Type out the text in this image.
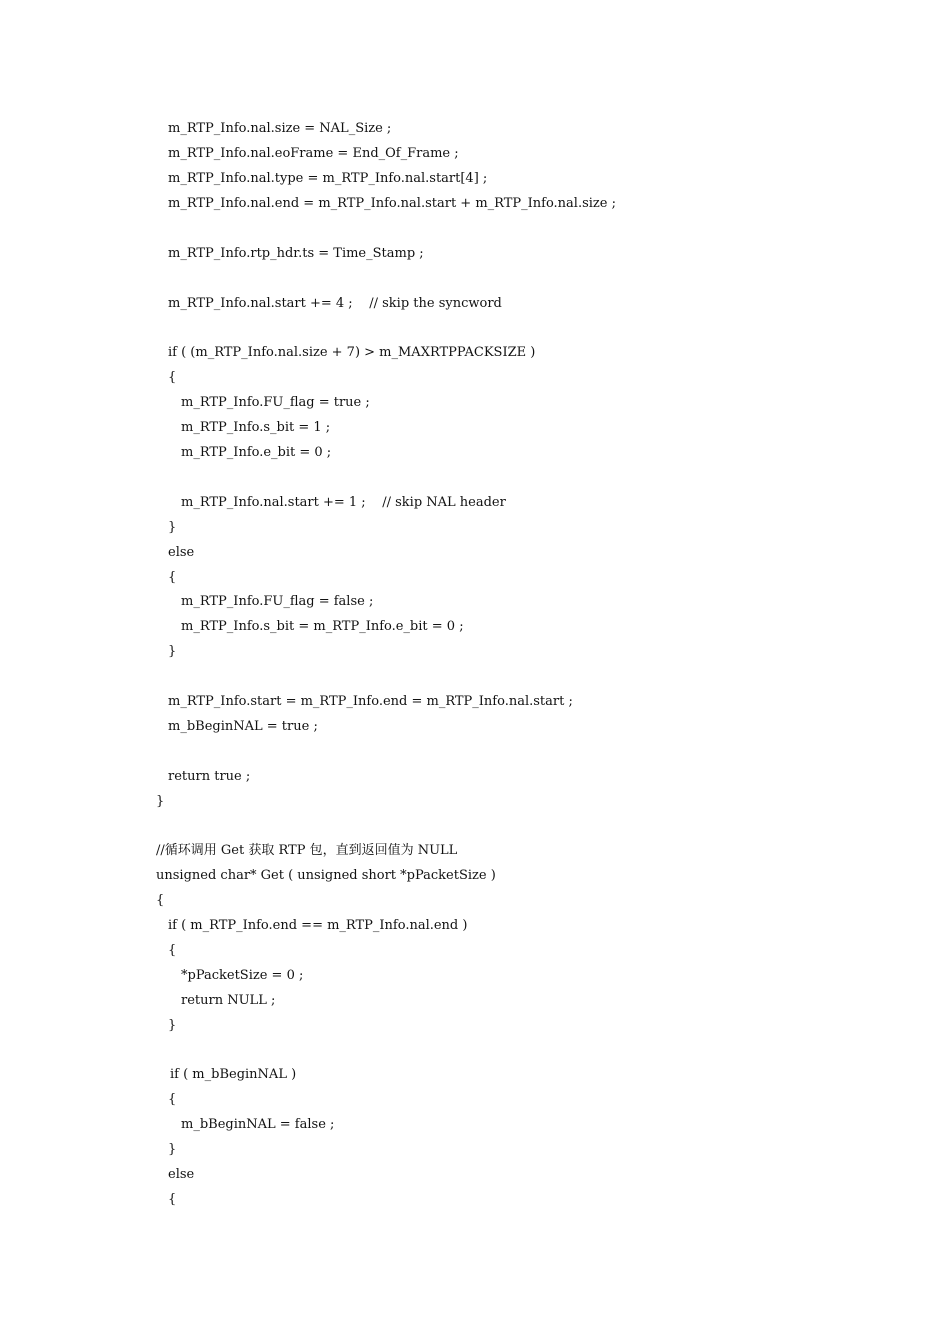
m_RTP_Info.nal.size = NAL_Size ;

m_RTP_Info.nal.eoFrame = End_Of_Frame ;

m_RTP_Info.nal.type = m_RTP_Info.nal.start[4] ;

m_RTP_Info.nal.end = m_RTP_Info.nal.start + m_RTP_Info.nal.size ;

m_RTP_Info.rtp_hdr.ts = Time_Stamp ;

m_RTP_Info.nal.start += 4 ;    // skip the syncword

if ( (m_RTP_Info.nal.size + 7) > m_MAXRTPPACKSIZE )

{

m_RTP_Info.FU_flag = true ;

m_RTP_Info.s_bit = 1 ;

m_RTP_Info.e_bit = 0 ;

m_RTP_Info.nal.start += 1 ;    // skip NAL header

}

else

{

m_RTP_Info.FU_flag = false ;

m_RTP_Info.s_bit = m_RTP_Info.e_bit = 0 ;

}

m_RTP_Info.start = m_RTP_Info.end = m_RTP_Info.nal.start ;

m_bBeginNAL = true ;

return true ;

}

//循环调用 Get 获取 RTP 包，直到返回值为 NULL

unsigned char* Get ( unsigned short *pPacketSize )

{

if ( m_RTP_Info.end == m_RTP_Info.nal.end )

{

*pPacketSize = 0 ;

return NULL ;

}

if ( m_bBeginNAL )

{

m_bBeginNAL = false ;

}

else

{
